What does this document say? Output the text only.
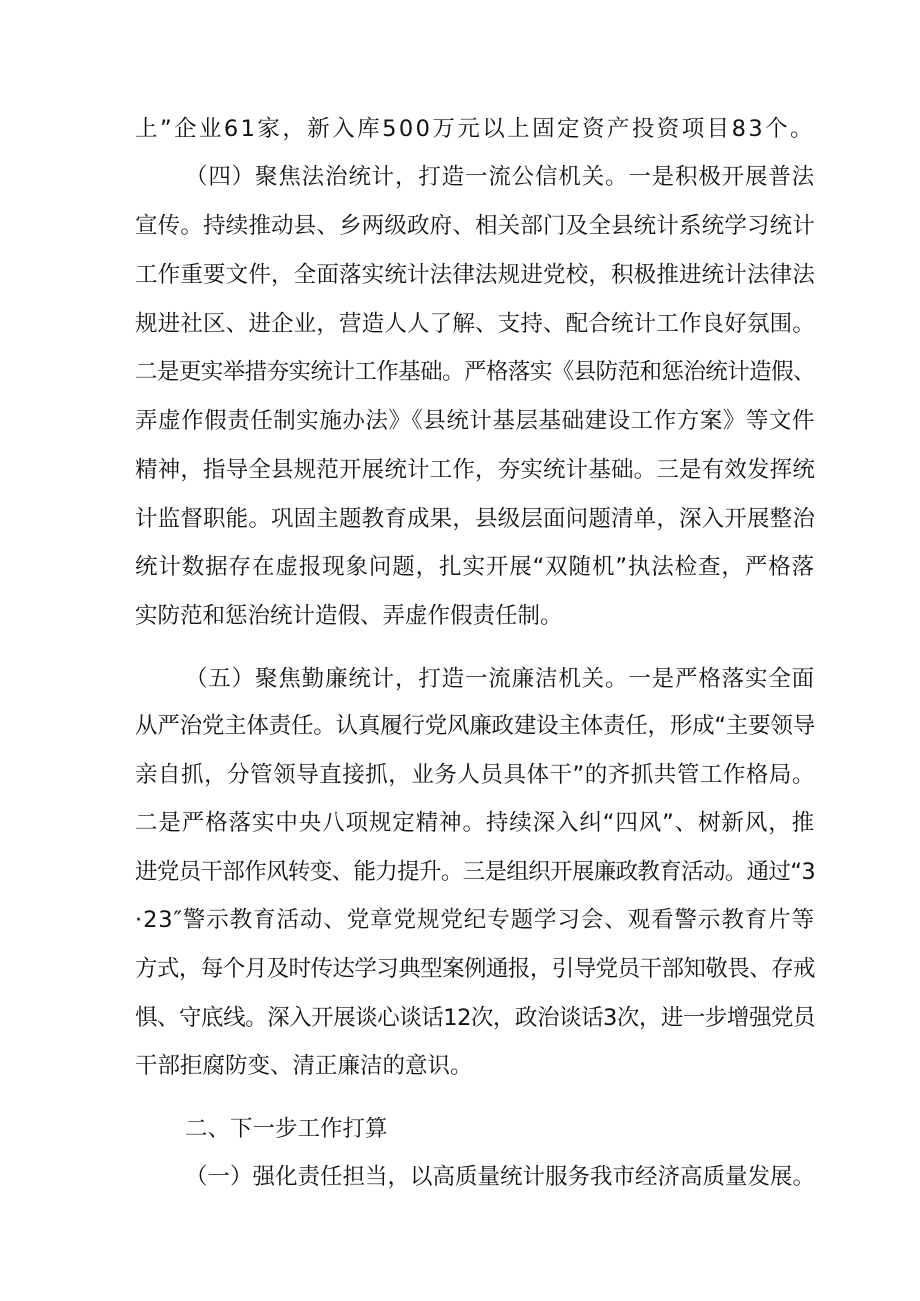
上”企业61家，新入库500万元以上固定资产投资项目83个。
（四）聚焦法治统计，打造一流公信机关。一是积极开展普法
宣传。持续推动县、乡两级政府、相关部门及全县统计系统学习统计
工作重要文件，全面落实统计法律法规进党校，积极推进统计法律法
规进社区、进企业，营造人人了解、支持、配合统计工作良好氛围。
二是更实举措夯实统计工作基础。严格落实《县防范和惩治统计造假、
弄虚作假责任制实施办法》《县统计基层基础建设工作方案》等文件
精神，指导全县规范开展统计工作，夯实统计基础。三是有效发挥统
计监督职能。巩固主题教育成果，县级层面问题清单，深入开展整治
统计数据存在虚报现象问题，扎实开展“双随机”执法检查，严格落
实防范和惩治统计造假、弄虚作假责任制。
（五）聚焦勤廉统计，打造一流廉洁机关。一是严格落实全面
从严治党主体责任。认真履行党风廉政建设主体责任，形成“主要领导
亲自抓，分管领导直接抓，业务人员具体干”的齐抓共管工作格局。
二是严格落实中央八项规定精神。持续深入纠“四风”、树新风，推
进党员干部作风转变、能力提升。三是组织开展廉政教育活动。通过“3
·23″警示教育活动、党章党规党纪专题学习会、观看警示教育片等
方式，每个月及时传达学习典型案例通报，引导党员干部知敬畏、存戒
惧、守底线。深入开展谈心谈话12次，政治谈话3次，进一步增强党员
干部拒腐防变、清正廉洁的意识。
二、下一步工作打算
（一）强化责任担当，以高质量统计服务我市经济高质量发展。
